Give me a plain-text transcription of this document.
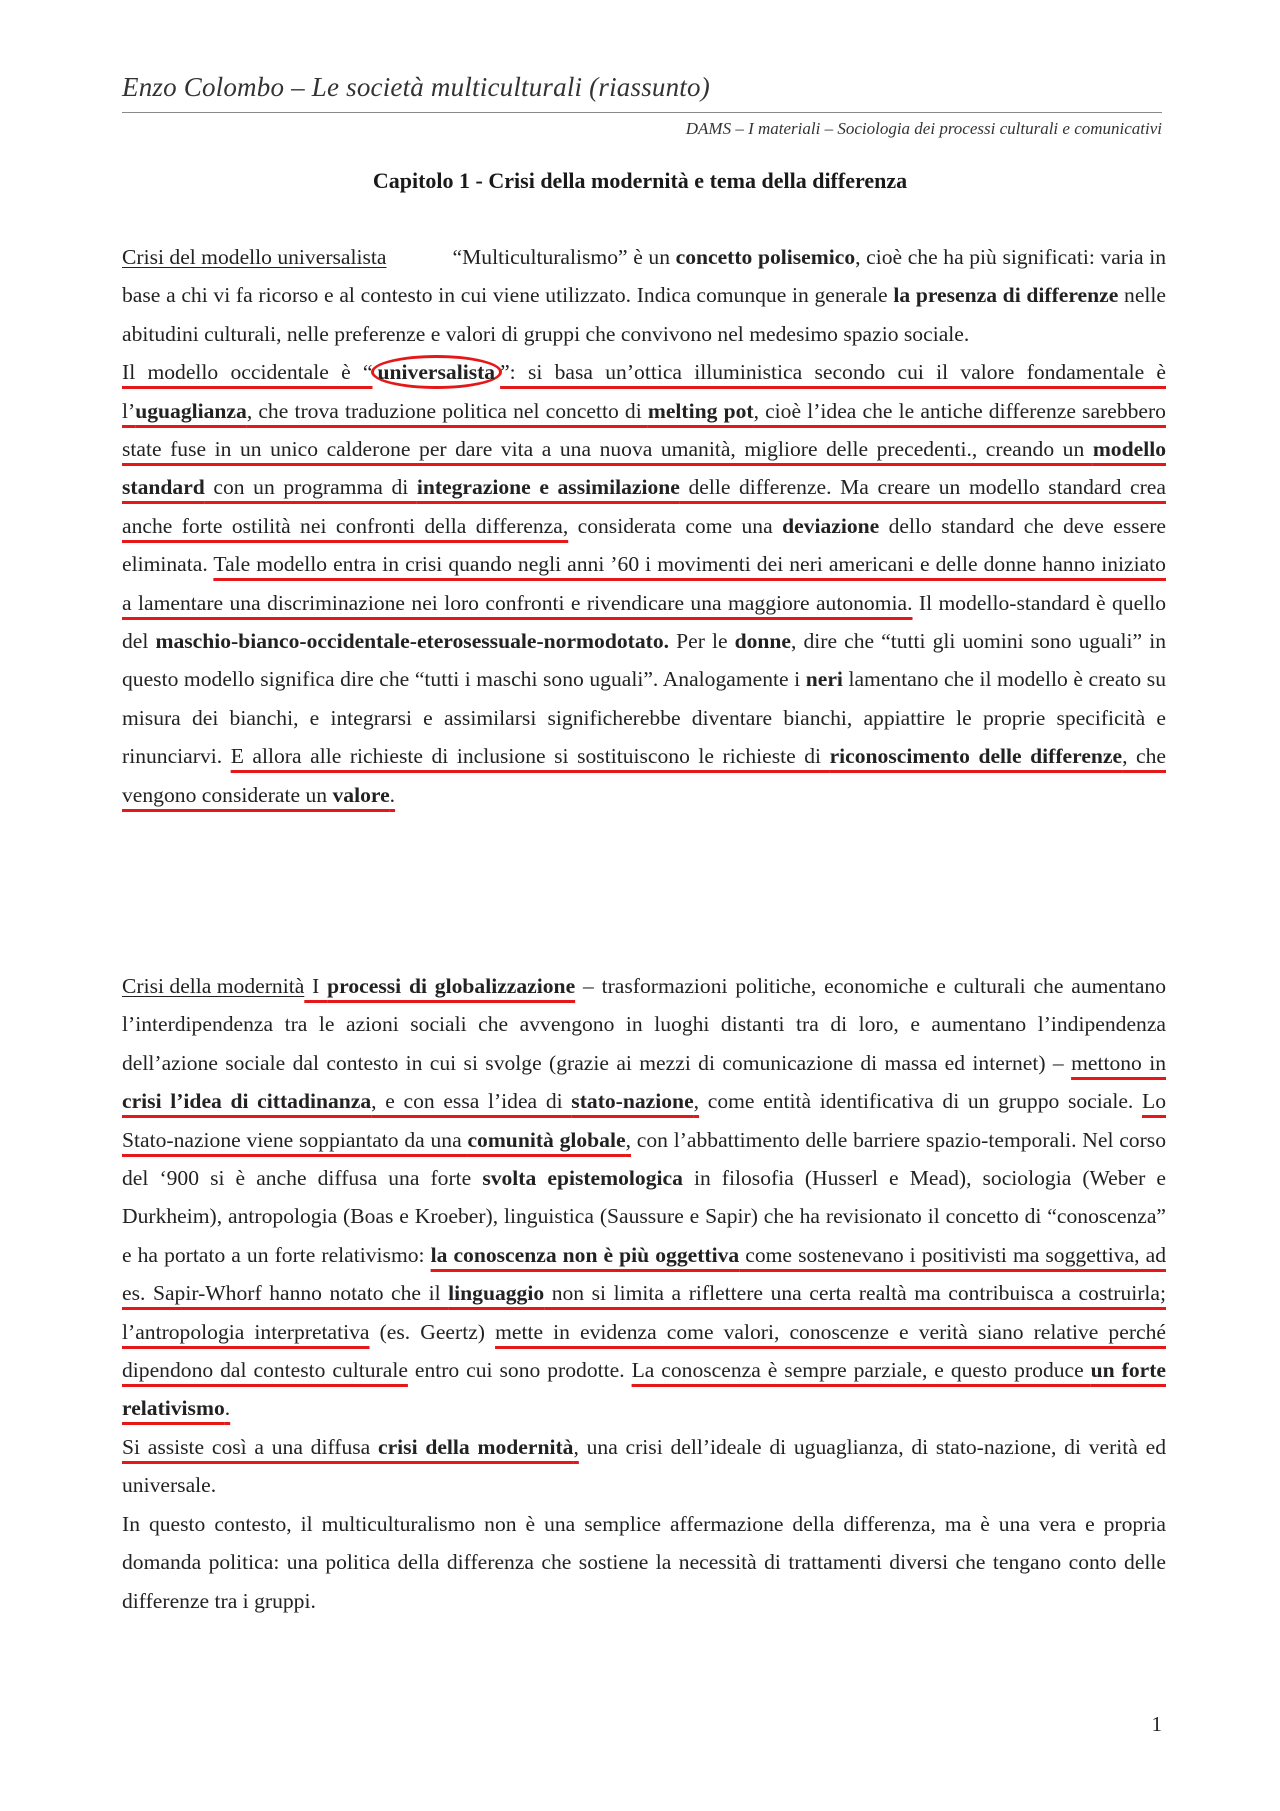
Enzo Colombo – Le società multiculturali (riassunto)
DAMS – I materiali – Sociologia dei processi culturali e comunicativi
Capitolo 1 - Crisi della modernità e tema della differenza

Crisi del modello universalista	“Multiculturalismo” è un concetto polisemico, cioè che ha più significati: varia in base a chi vi fa ricorso e al contesto in cui viene utilizzato. Indica comunque in generale la presenza di differenze nelle abitudini culturali, nelle preferenze e valori di gruppi che convivono nel medesimo spazio sociale.

Il modello occidentale è “ universalista ”: si basa un’ottica illuministica secondo cui il valore fondamentale è l’uguaglianza, che trova traduzione politica nel concetto di melting pot, cioè l’idea che le antiche differenze sarebbero state fuse in un unico calderone per dare vita a una nuova umanità, migliore delle precedenti., creando un modello standard con un programma di integrazione e assimilazione delle differenze. Ma creare un modello standard crea anche forte ostilità nei confronti della differenza, considerata come una deviazione dello standard che deve essere eliminata. Tale modello entra in crisi quando negli anni ’60 i movimenti dei neri americani e delle donne hanno iniziato a lamentare una discriminazione nei loro confronti e rivendicare una maggiore autonomia. Il modello-standard è quello del maschio-bianco-occidentale-eterosessuale-normodotato. Per le donne, dire che “tutti gli uomini sono uguali” in questo modello significa dire che “tutti i maschi sono uguali”. Analogamente i neri lamentano che il modello è creato su misura dei bianchi, e integrarsi e assimilarsi significherebbe diventare bianchi, appiattire le proprie specificità e rinunciarvi. E allora alle richieste di inclusione si sostituiscono le richieste di riconoscimento delle differenze, che vengono considerate un valore.

Crisi della modernità I processi di globalizzazione – trasformazioni politiche, economiche e culturali che aumentano l’interdipendenza tra le azioni sociali che avvengono in luoghi distanti tra di loro, e aumentano l’indipendenza dell’azione sociale dal contesto in cui si svolge (grazie ai mezzi di comunicazione di massa ed internet) – mettono in crisi l’idea di cittadinanza, e con essa l’idea di stato-nazione, come entità identificativa di un gruppo sociale. Lo Stato-nazione viene soppiantato da una comunità globale, con l’abbattimento delle barriere spazio-temporali. Nel corso del ‘900 si è anche diffusa una forte svolta epistemologica in filosofia (Husserl e Mead), sociologia (Weber e Durkheim), antropologia (Boas e Kroeber), linguistica (Saussure e Sapir) che ha revisionato il concetto di “conoscenza” e ha portato a un forte relativismo: la conoscenza non è più oggettiva come sostenevano i positivisti ma soggettiva, ad es. Sapir-Whorf hanno notato che il linguaggio non si limita a riflettere una certa realtà ma contribuisca a costruirla; l’antropologia interpretativa (es. Geertz) mette in evidenza come valori, conoscenze e verità siano relative perché dipendono dal contesto culturale entro cui sono prodotte. La conoscenza è sempre parziale, e questo produce un forte relativismo.

Si assiste così a una diffusa crisi della modernità, una crisi dell’ideale di uguaglianza, di stato-nazione, di verità ed universale.

In questo contesto, il multiculturalismo non è una semplice affermazione della differenza, ma è una vera e propria domanda politica: una politica della differenza che sostiene la necessità di trattamenti diversi che tengano conto delle differenze tra i gruppi.

1
